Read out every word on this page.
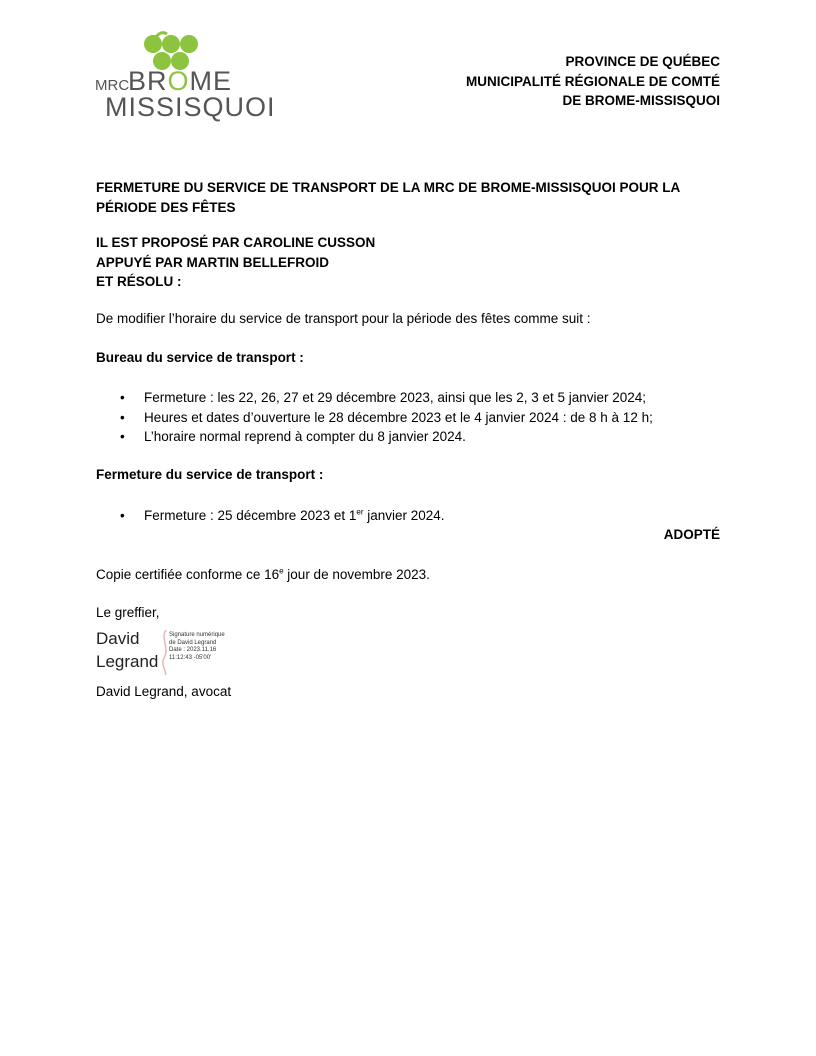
MRC
BROME
MISSISQUOI
PROVINCE DE QUÉBEC
MUNICIPALITÉ RÉGIONALE DE COMTÉ
DE BROME-MISSISQUOI
FERMETURE DU SERVICE DE TRANSPORT DE LA MRC DE BROME-MISSISQUOI POUR LA PÉRIODE DES FÊTES
IL EST PROPOSÉ PAR CAROLINE CUSSON
APPUYÉ PAR MARTIN BELLEFROID
ET RÉSOLU :
De modifier l’horaire du service de transport pour la période des fêtes comme suit :
Bureau du service de transport :
• Fermeture : les 22, 26, 27 et 29 décembre 2023, ainsi que les 2, 3 et 5 janvier 2024;
• Heures et dates d’ouverture le 28 décembre 2023 et le 4 janvier 2024 : de 8 h à 12 h;
• L’horaire normal reprend à compter du 8 janvier 2024.
Fermeture du service de transport :
• Fermeture : 25 décembre 2023 et 1er janvier 2024.
ADOPTÉ
Copie certifiée conforme ce 16e jour de novembre 2023.
Le greffier,
David
Legrand
Signature numérique
de David Legrand
Date : 2023.11.16
11:12:43 -05'00'
David Legrand, avocat
